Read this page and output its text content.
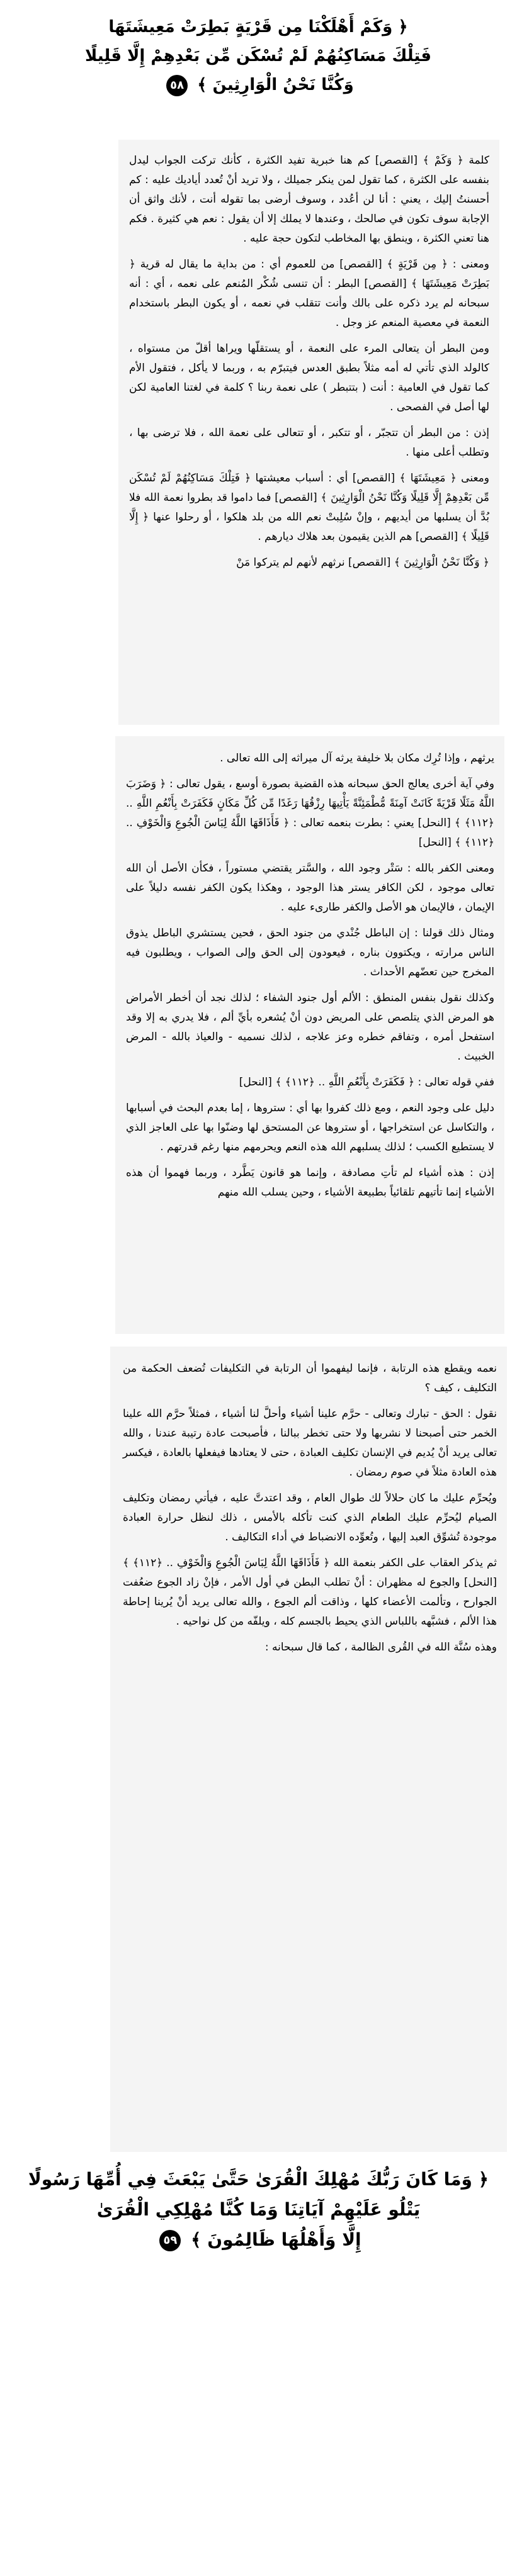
﴿ وَكَمْ أَهْلَكْنَا مِن قَرْيَةٍ بَطِرَتْ مَعِيشَتَهَا
فَتِلْكَ مَسَاكِنُهُمْ لَمْ تُسْكَن مِّن بَعْدِهِمْ إِلَّا قَلِيلًا
وَكُنَّا نَحْنُ الْوَارِثِينَ ﴾ ٥٨

كلمة ﴿ وَكَمْ ﴾ [القصص] كم هنا خبرية تفيد الكثرة ، كأنك تركت الجواب ليدل بنفسه على الكثرة ، كما تقول لمن ينكر جميلك ، ولا تريد أنْ تُعدد أياديك عليه : كم أحسنتُ إليك ، يعني : أنا لن أعُدد ، وسوف أرضى بما تقوله أنت ، لأنك واثق أن الإجابة سوف تكون في صالحك ، وعندها لا يملك إلا أن يقول : نعم هي كثيرة . فكم هنا تعني الكثرة ، وينطق بها المخاطب لتكون حجة عليه .

ومعنى : ﴿ مِن قَرْيَةٍ ﴾ [القصص] من للعموم أي : من بداية ما يقال له قرية ﴿ بَطِرَتْ مَعِيشَتَهَا ﴾ [القصص] البطر : أن تنسى شُكْر المُنعم على نعمه ، أي : أنه سبحانه لم يرد ذكره على بالك وأنت تتقلب في نعمه ، أو يكون البطر باستخدام النعمة في معصية المنعم عز وجل .

ومن البطر أن يتعالى المرء على النعمة ، أو يستقلّها ويراها أقلّ من مستواه ، كالولد الذي تأتي له أمه مثلاً بطبق العدس فيتبرّم به ، وربما لا يأكل ، فتقول الأم كما تقول في العامية : أنت ( بتتبطر ) على نعمة ربنا ؟ كلمة في لغتنا العامية لكن لها أصل في الفصحى .

إذن : من البطر أن تتجبّر ، أو تتكبر ، أو تتعالى على نعمة الله ، فلا ترضى بها ، وتطلب أعلى منها .

ومعنى ﴿ مَعِيشَتَهَا ﴾ [القصص] أي : أسباب معيشتها ﴿ فَتِلْكَ مَسَاكِنُهُمْ لَمْ تُسْكَن مِّن بَعْدِهِمْ إِلَّا قَلِيلًا وَكُنَّا نَحْنُ الْوَارِثِينَ ﴾ [القصص] فما داموا قد بطروا نعمة الله فلا بُدَّ أن يسلبها من أيديهم ، وإنْ سُلِبتْ نعم الله من بلد هلكوا ، أو رحلوا عنها ﴿ إِلَّا قَلِيلًا ﴾ [القصص] هم الذين يقيمون بعد هلاك ديارهم .

﴿ وَكُنَّا نَحْنُ الْوَارِثِينَ ﴾ [القصص] نرثهم لأنهم لم يتركوا مَنْ

يرثهم ، وإذا تُرِك مكان بلا خليفة يرثه آل ميراثه إلى الله تعالى .

وفي آية أخرى يعالج الحق سبحانه هذه القضية بصورة أوسع ، يقول تعالى : ﴿ وَضَرَبَ اللَّهُ مَثَلًا قَرْيَةً كَانَتْ آمِنَةً مُّطْمَئِنَّةً يَأْتِيهَا رِزْقُهَا رَغَدًا مِّن كُلِّ مَكَانٍ فَكَفَرَتْ بِأَنْعُمِ اللَّهِ .. ﴿١١٢﴾ ﴾ [النحل] يعني : بطرت بنعمه تعالى : ﴿ فَأَذَاقَهَا اللَّهُ لِبَاسَ الْجُوعِ وَالْخَوْفِ .. ﴿١١٢﴾ ﴾ [النحل]

ومعنى الكفر بالله : سَتْر وجود الله ، والسَّتر يقتضي مستوراً ، فكأن الأصل أن الله تعالى موجود ، لكن الكافر يستر هذا الوجود ، وهكذا يكون الكفر نفسه دليلاً على الإيمان ، فالإيمان هو الأصل والكفر طارىء عليه .

ومثال ذلك قولنا : إن الباطل جُنْدي من جنود الحق ، فحين يستشري الباطل يذوق الناس مرارته ، ويكتوون بناره ، فيعودون إلى الحق وإلى الصواب ، ويطلبون فيه المخرج حين تعضّهم الأحداث .

وكذلك نقول بنفس المنطق : الألم أول جنود الشفاء ؛ لذلك نجد أن أخطر الأمراض هو المرض الذي يتلصص على المريض دون أنْ يُشعره بأيِّ ألم ، فلا يدري به إلا وقد استفحل أمره ، وتفاقم خطره وعز علاجه ، لذلك نسميه - والعياذ بالله - المرض الخبيث .

ففي قوله تعالى : ﴿ فَكَفَرَتْ بِأَنْعُمِ اللَّهِ .. ﴿١١٢﴾ ﴾ [النحل]

دليل على وجود النعم ، ومع ذلك كفروا بها أي : ستروها ، إما بعدم البحث في أسبابها ، والتكاسل عن استخراجها ، أو ستروها عن المستحق لها وضنّوا بها على العاجز الذي لا يستطيع الكسب ؛ لذلك يسلبهم الله هذه النعم ويحرمهم منها رغم قدرتهم .

إذن : هذه أشياء لم تأتِ مصادفة ، وإنما هو قانون يَطَّرد ، وربما فهموا أن هذه الأشياء إنما تأتيهم تلقائياً بطبيعة الأشياء ، وحين يسلب الله منهم

نعمه ويقطع هذه الرتابة ، فإنما ليفهموا أن الرتابة في التكليفات تُضعف الحكمة من التكليف ، كيف ؟

نقول : الحق - تبارك وتعالى - حرَّم علينا أشياء وأحلَّ لنا أشياء ، فمثلاً حرَّم الله علينا الخمر حتى أصبحنا لا نشربها ولا حتى تخطر ببالنا ، فأصبحت عادة رتيبة عندنا ، والله تعالى يريد أنْ يُديم في الإنسان تكليف العبادة ، حتى لا يعتادها فيفعلها بالعادة ، فيكسر هذه العادة مثلاً في صوم رمضان .

ويُحرِّم عليك ما كان حلالاً لك طوال العام ، وقد اعتدتَّ عليه ، فيأتي رمضان وتكليف الصيام ليُحرِّم عليك الطعام الذي كنت تأكله بالأمس ، ذلك لنظل حرارة العبادة موجودة تُشوِّق العبد إليها ، وتُعوِّده الانضباط في أداء التكاليف .

ثم يذكر العقاب على الكفر بنعمة الله ﴿ فَأَذَاقَهَا اللَّهُ لِبَاسَ الْجُوعِ وَالْخَوْفِ .. ﴿١١٢﴾ ﴾ [النحل] والجوع له مظهران : أنْ تطلب البطن في أول الأمر ، فإنْ زاد الجوع ضعُفت الجوارح ، وتألمت الأعضاء كلها ، وذاقت ألم الجوع ، والله تعالى يريد أنْ يُرينا إحاطة هذا الألم ، فشبَّهه باللباس الذي يحيط بالجسم كله ، ويلفّه من كل نواحيه .

وهذه سُنَّة الله في القُرى الظالمة ، كما قال سبحانه :

﴿ وَمَا كَانَ رَبُّكَ مُهْلِكَ الْقُرَىٰ حَتَّىٰ يَبْعَثَ فِي أُمِّهَا رَسُولًا
يَتْلُو عَلَيْهِمْ آيَاتِنَا وَمَا كُنَّا مُهْلِكِي الْقُرَىٰ
إِلَّا وَأَهْلُهَا ظَالِمُونَ ﴾ ٥٩
